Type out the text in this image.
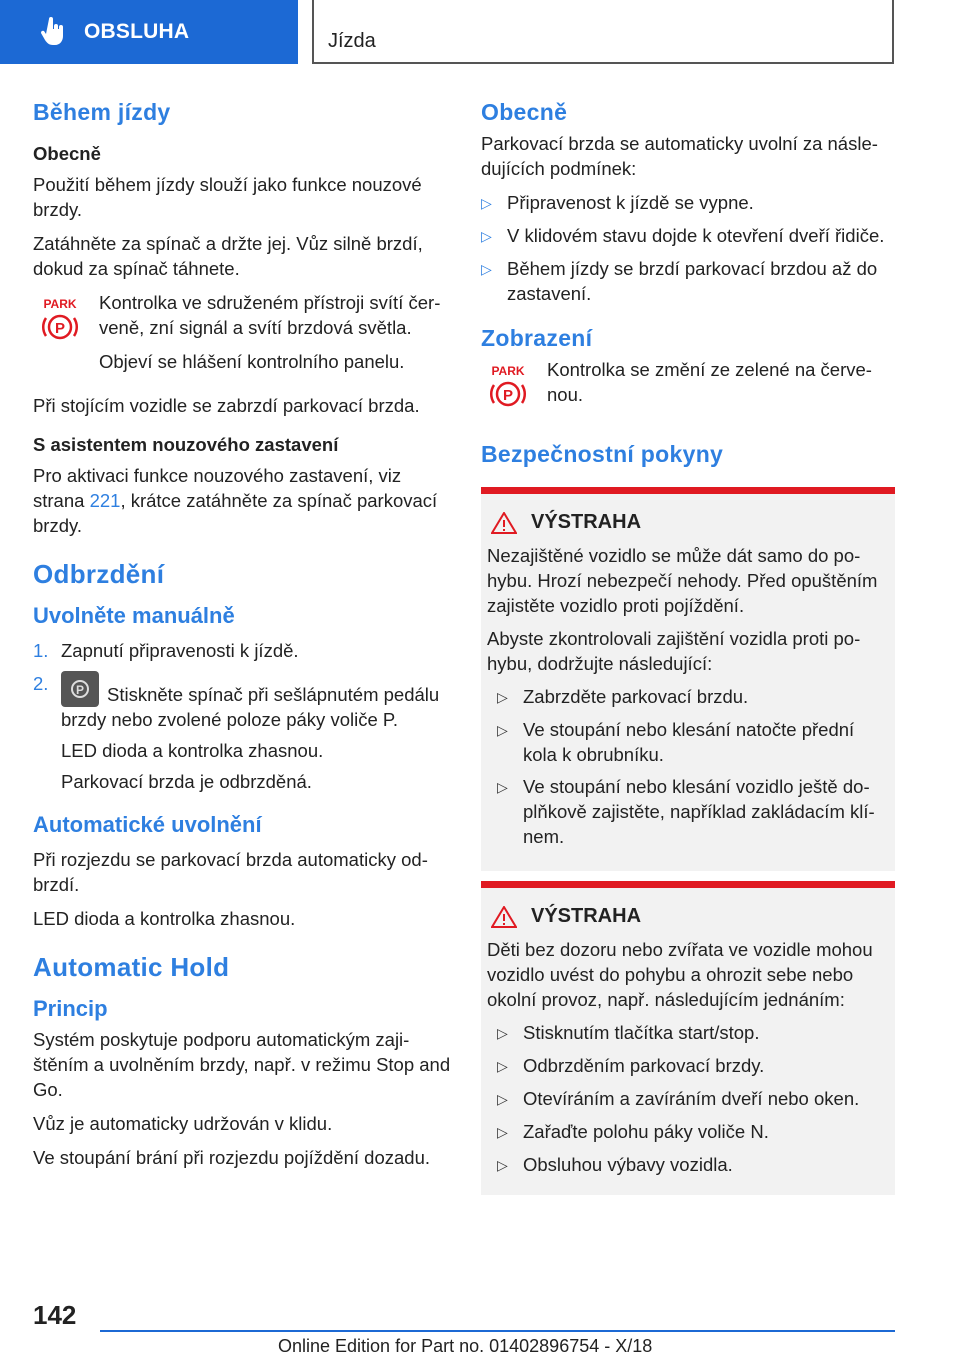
OBSLUHA	Jízda
Během jízdy
Obecně

Použití během jízdy slouží jako funkce nouzové brzdy.

Zatáhněte za spínač a držte jej. Vůz silně brzdí, dokud za spínač táhnete.

PARK
P

Kontrolka ve sdruženém přístroji svítí červeně, zní signál a svítí brzdová světla.

Objeví se hlášení kontrolního panelu.

Při stojícím vozidle se zabrzdí parkovací brzda.

S asistentem nouzového zastavení

Pro aktivaci funkce nouzového zastavení, viz strana 221, krátce zatáhněte za spínač parkovací brzdy.

Odbrzdění
Uvolněte manuálně
1. Zapnutí připravenosti k jízdě.
2.	P Stiskněte spínač při sešlápnutém pedálu brzdy nebo zvolené poloze páky voliče P.
LED dioda a kontrolka zhasnou.
Parkovací brzda je odbrzděná.
Automatické uvolnění

Při rozjezdu se parkovací brzda automaticky odbrzdí.

LED dioda a kontrolka zhasnou.

Automatic Hold
Princip

Systém poskytuje podporu automatickým zajištěním a uvolněním brzdy, např. v režimu Stop and Go.

Vůz je automaticky udržován v klidu.

Ve stoupání brání při rozjezdu pojíždění dozadu.

Obecně

Parkovací brzda se automaticky uvolní za následujících podmínek:

▷ Připravenost k jízdě se vypne.
▷ V klidovém stavu dojde k otevření dveří řidiče.
▷ Během jízdy se brzdí parkovací brzdou až do zastavení.
Zobrazení
PARK
P

Kontrolka se změní ze zelené na červenou.

Bezpečnostní pokyny
VÝSTRAHA

Nezajištěné vozidlo se může dát samo do pohybu. Hrozí nebezpečí nehody. Před opuštěním zajistěte vozidlo proti pojíždění.

Abyste zkontrolovali zajištění vozidla proti pohybu, dodržujte následující:

▷ Zabrzděte parkovací brzdu.
▷ Ve stoupání nebo klesání natočte přední kola k obrubníku.
▷ Ve stoupání nebo klesání vozidlo ještě doplňkově zajistěte, například zakládacím klínem.
VÝSTRAHA

Děti bez dozoru nebo zvířata ve vozidle mohou vozidlo uvést do pohybu a ohrozit sebe nebo okolní provoz, např. následujícím jednáním:

▷ Stisknutím tlačítka start/stop.
▷ Odbrzděním parkovací brzdy.
▷ Otevíráním a zavíráním dveří nebo oken.
▷ Zařaďte polohu páky voliče N.
▷ Obsluhou výbavy vozidla.
142
Online Edition for Part no. 01402896754 - X/18
